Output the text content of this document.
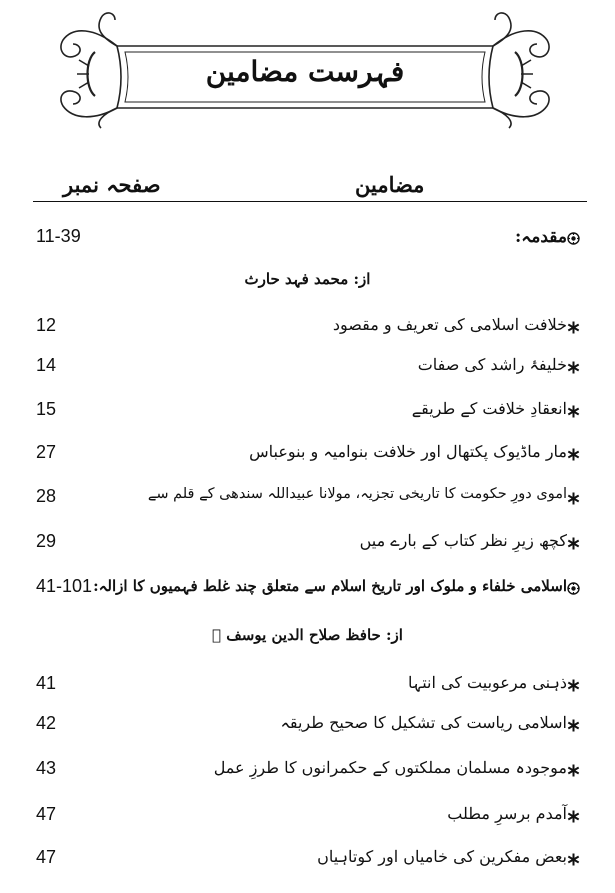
فہرست مضامین
صفحہ نمبر	مضامین
11-39	مقدمہ:
از: محمد فہد حارث
12	خلافت اسلامی کی تعریف و مقصود
14	خلیفۂ راشد کی صفات
15	انعقادِ خلافت کے طریقے
27	مار ماڈیوک پکتھال اور خلافت بنوامیہ و بنوعباس
28	اموی دورِ حکومت کا تاریخی تجزیہ، مولانا عبیداللہ سندھی کے قلم سے
29	کچھ زیرِ نظر کتاب کے بارے میں
41-101 اسلامی خلفاء و ملوک اور تاریخ اسلام سے متعلق چند غلط فہمیوں کا ازالہ:
از: حافظ صلاح الدین یوسف ﷫
41	ذہنی مرعوبیت کی انتہا
42	اسلامی ریاست کی تشکیل کا صحیح طریقہ
43	موجودہ مسلمان مملکتوں کے حکمرانوں کا طرزِ عمل
47	آمدم برسرِ مطلب
47	بعض مفکرین کی خامیاں اور کوتاہیاں
